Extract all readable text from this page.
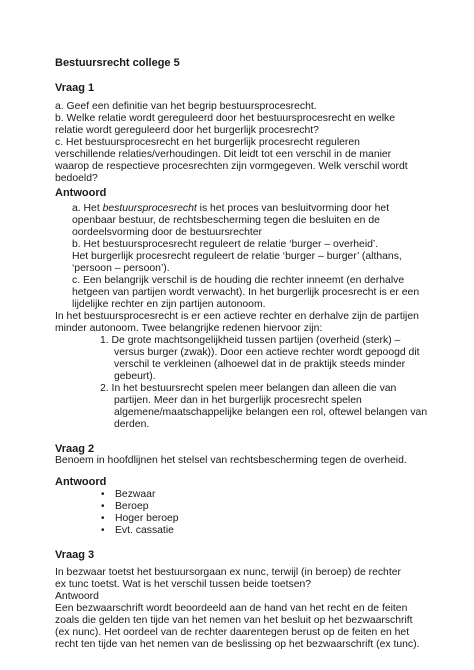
Bestuursrecht college 5
Vraag 1
a. Geef een definitie van het begrip bestuursprocesrecht.
b. Welke relatie wordt gereguleerd door het bestuursprocesrecht en welke
relatie wordt gereguleerd door het burgerlijk procesrecht?
c. Het bestuursprocesrecht en het burgerlijk procesrecht reguleren
verschillende relaties/verhoudingen. Dit leidt tot een verschil in de manier
waarop de respectieve procesrechten zijn vormgegeven. Welk verschil wordt
bedoeld?
Antwoord
a. Het bestuursprocesrecht is het proces van besluitvorming door het
openbaar bestuur, de rechtsbescherming tegen die besluiten en de
oordeelsvorming door de bestuursrechter
b. Het bestuursprocesrecht reguleert de relatie ‘burger – overheid’.
Het burgerlijk procesrecht reguleert de relatie ‘burger – burger’ (althans,
‘persoon – persoon’).
c. Een belangrijk verschil is de houding die rechter inneemt (en derhalve
hetgeen van partijen wordt verwacht). In het burgerlijk procesrecht is er een
lijdelijke rechter en zijn partijen autonoom.
In het bestuursprocesrecht is er een actieve rechter en derhalve zijn de partijen
minder autonoom. Twee belangrijke redenen hiervoor zijn:
1. De grote machtsongelijkheid tussen partijen (overheid (sterk) –
versus burger (zwak)). Door een actieve rechter wordt gepoogd dit
verschil te verkleinen (alhoewel dat in de praktijk steeds minder
gebeurt).
2. In het bestuursrecht spelen meer belangen dan alleen die van
partijen. Meer dan in het burgerlijk procesrecht spelen
algemene/maatschappelijke belangen een rol, oftewel belangen van
derden.
Vraag 2
Benoem in hoofdlijnen het stelsel van rechtsbescherming tegen de overheid.
Antwoord
• Bezwaar
• Beroep
• Hoger beroep
• Evt. cassatie
Vraag 3
In bezwaar toetst het bestuursorgaan ex nunc, terwijl (in beroep) de rechter
ex tunc toetst. Wat is het verschil tussen beide toetsen?
Antwoord
Een bezwaarschrift wordt beoordeeld aan de hand van het recht en de feiten
zoals die gelden ten tijde van het nemen van het besluit op het bezwaarschrift
(ex nunc). Het oordeel van de rechter daarentegen berust op de feiten en het
recht ten tijde van het nemen van de beslissing op het bezwaarschrift (ex tunc).
